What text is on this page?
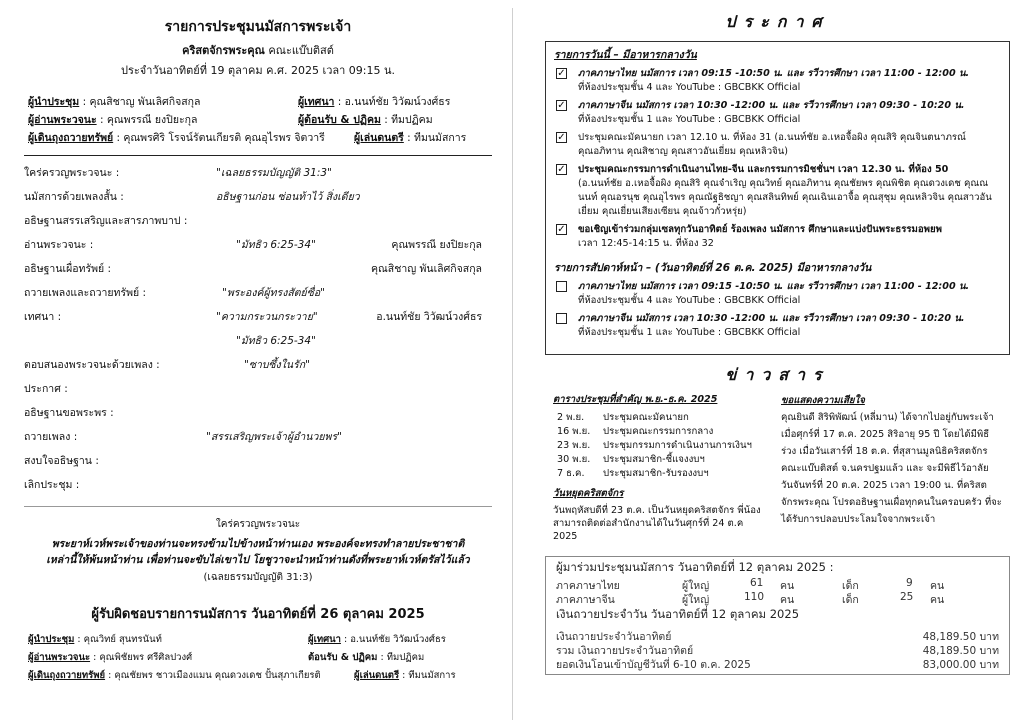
รายการประชุมนมัสการพระเจ้า
คริสตจักรพระคุณ คณะแบ๊บติสต์
ประจำวันอาทิตย์ที่ 19 ตุลาคม ค.ศ. 2025 เวลา 09:15 น.
ผู้นำประชุม : คุณสิชาญ พันเลิศกิจสกุล	ผู้เทศนา : อ.นนท์ชัย วิวัฒน์วงศ์ธร
ผู้อ่านพระวจนะ : คุณพรรณี ยงปิยะกุล	ผู้ต้อนรับ & ปฏิคม : ทีมปฏิคม
ผู้เดินถุงถวายทรัพย์ : คุณพรศิริ โรจน์รัตนเกียรติ คุณอุไรพร จิตวารี	ผู้เล่นดนตรี : ทีมนมัสการ
ใคร่ครวญพระวจนะ :	"เฉลยธรรมบัญญัติ 31:3"
นมัสการด้วยเพลงสั้น :	อธิษฐานก่อน ซ่อนท้าไว้ สิ่งเดียว
อธิษฐานสรรเสริญและสารภาพบาป :
อ่านพระวจนะ :	"มัทธิว 6:25-34"	คุณพรรณี ยงปิยะกุล
อธิษฐานเผื่อทรัพย์ :	คุณสิชาญ พันเลิศกิจสกุล
ถวายเพลงและถวายทรัพย์ :	"พระองค์ผู้ทรงสัตย์ซื่อ"
เทศนา :	"ความกระวนกระวาย"	อ.นนท์ชัย วิวัฒน์วงศ์ธร
"มัทธิว 6:25-34"
ตอบสนองพระวจนะด้วยเพลง :	"ซาบซึ้งในรัก"
ประกาศ :
อธิษฐานขอพระพร :
ถวายเพลง :	"สรรเสริญพระเจ้าผู้อำนวยพร"
สงบใจอธิษฐาน :
เลิกประชุม :
ใคร่ครวญพระวจนะ
พระยาห์เวห์พระเจ้าของท่านจะทรงข้ามไปข้างหน้าท่านเอง พระองค์จะทรงทำลายประชาชาติ
เหล่านี้ให้พ้นหน้าท่าน เพื่อท่านจะขับไล่เขาไป โยชูวาจะนำหน้าท่านดังที่พระยาห์เวห์ตรัสไว้แล้ว
(เฉลยธรรมบัญญัติ 31:3)
ผู้รับผิดชอบรายการนมัสการ วันอาทิตย์ที่ 26 ตุลาคม 2025
ผู้นำประชุม : คุณวิทย์ สุนทรนันท์	ผู้เทศนา : อ.นนท์ชัย วิวัฒน์วงศ์ธร
ผู้อ่านพระวจนะ : คุณพิชัยพร ศรีศิลปวงศ์	ต้อนรับ & ปฏิคม : ทีมปฏิคม
ผู้เดินถุงถวายทรัพย์ : คุณชัยพร ชาวเมืองแมน คุณดวงเดช ปั้นสุภาเกียรติ	ผู้เล่นดนตรี : ทีมนมัสการ
ประกาศ
รายการวันนี้ – มีอาหารกลางวัน
✓ ภาคภาษาไทย นมัสการ เวลา 09:15 -10:50 น. และ รวีวารศึกษา เวลา 11:00 - 12:00 น.
ที่ห้องประชุมชั้น 4 และ YouTube : GBCBKK Official
✓ ภาคภาษาจีน นมัสการ เวลา 10:30 -12:00 น. และ รวีวารศึกษา เวลา 09:30 - 10:20 น.
ที่ห้องประชุมชั้น 1 และ YouTube : GBCBKK Official
✓ ประชุมคณะมัคนายก เวลา 12.10 น. ที่ห้อง 31 (อ.นนท์ชัย อ.เหอจื้อผิง คุณสิริ คุณจินตนาภรณ์
คุณอภิทาน คุณสิชาญ คุณสาวอันเยี่ยม คุณหลิวจิน)
✓ ประชุมคณะกรรมการดำเนินงานไทย-จีน และกรรมการมิชชั่นฯ เวลา 12.30 น. ที่ห้อง 50
(อ.นนท์ชัย อ.เหอจื้อผิง คุณสิริ คุณจำเริญ คุณวิทย์ คุณอภิทาน คุณชัยพร คุณพิชิต คุณดวงเดช คุณณนนท์ คุณอรนุช คุณอุไรพร คุณณัฐธิชญา คุณสลินทิพย์ คุณเฉินเอาจื้อ คุณสุชุม คุณหลิวจิน คุณสาวอันเยี่ยม คุณเยี่ยนเสียงเซียน คุณจ้าวกั๋วหรุ่ย)
✓ ขอเชิญเข้าร่วมกลุ่มเซลทุกวันอาทิตย์ ร้องเพลง นมัสการ ศึกษาและแบ่งปันพระธรรมอพยพ
เวลา 12:45-14:15 น. ที่ห้อง 32
รายการสัปดาห์หน้า – (วันอาทิตย์ที่ 26 ต.ค. 2025) มีอาหารกลางวัน
ภาคภาษาไทย นมัสการ เวลา 09:15 -10:50 น. และ รวีวารศึกษา เวลา 11:00 - 12:00 น.
ที่ห้องประชุมชั้น 4 และ YouTube : GBCBKK Official
ภาคภาษาจีน นมัสการ เวลา 10:30 -12:00 น. และ รวีวารศึกษา เวลา 09:30 - 10:20 น.
ที่ห้องประชุมชั้น 1 และ YouTube : GBCBKK Official
ข่าวสาร
ตารางประชุมที่สำคัญ พ.ย.-ธ.ค. 2025
2 พ.ย. ประชุมคณะมัคนายก
16 พ.ย. ประชุมคณะกรรมการกลาง
23 พ.ย. ประชุมกรรมการดำเนินงานการเงินฯ
30 พ.ย. ประชุมสมาชิก-ชี้แจงงบฯ
7 ธ.ค. ประชุมสมาชิก-รับรองงบฯ
วันหยุดคริสตจักร
วันพฤหัสบดีที่ 23 ต.ค. เป็นวันหยุดคริสตจักร พี่น้องสามารถติดต่อสำนักงานได้ในวันศุกร์ที่ 24 ต.ค 2025
ขอแสดงความเสียใจ
คุณยินดี สิริพิพัฒน์ (หลี่มาน) ได้จากไปอยู่กับพระเจ้า เมื่อศุกร์ที่ 17 ต.ค. 2025 สิริอายุ 95 ปี โดยได้มีพิธีร่วง เมื่อวันเสาร์ที่ 18 ต.ค. ที่สุสานมูลนิธิคริสตจักรคณะแบ๊บติสต์ จ.นครปฐมแล้ว และ จะมีพิธีไว้อาลัย วันจันทร์ที่ 20 ต.ค. 2025 เวลา 19:00 น. ที่คริสตจักรพระคุณ โปรดอธิษฐานเผื่อทุกคนในครอบครัว ที่จะได้รับการปลอบประโลมใจจากพระเจ้า
ผู้มาร่วมประชุมนมัสการ วันอาทิตย์ที่ 12 ตุลาคม 2025 :
ภาคภาษาไทย	ผู้ใหญ่	61 คน	เด็ก	9 คน
ภาคภาษาจีน	ผู้ใหญ่	110 คน	เด็ก	25 คน
เงินถวายประจำวัน วันอาทิตย์ที่ 12 ตุลาคม 2025
เงินถวายประจำวันอาทิตย์	48,189.50 บาท
รวม เงินถวายประจำวันอาทิตย์	48,189.50 บาท
ยอดเงินโอนเข้าบัญชีวันที่ 6-10 ต.ค. 2025	83,000.00 บาท
